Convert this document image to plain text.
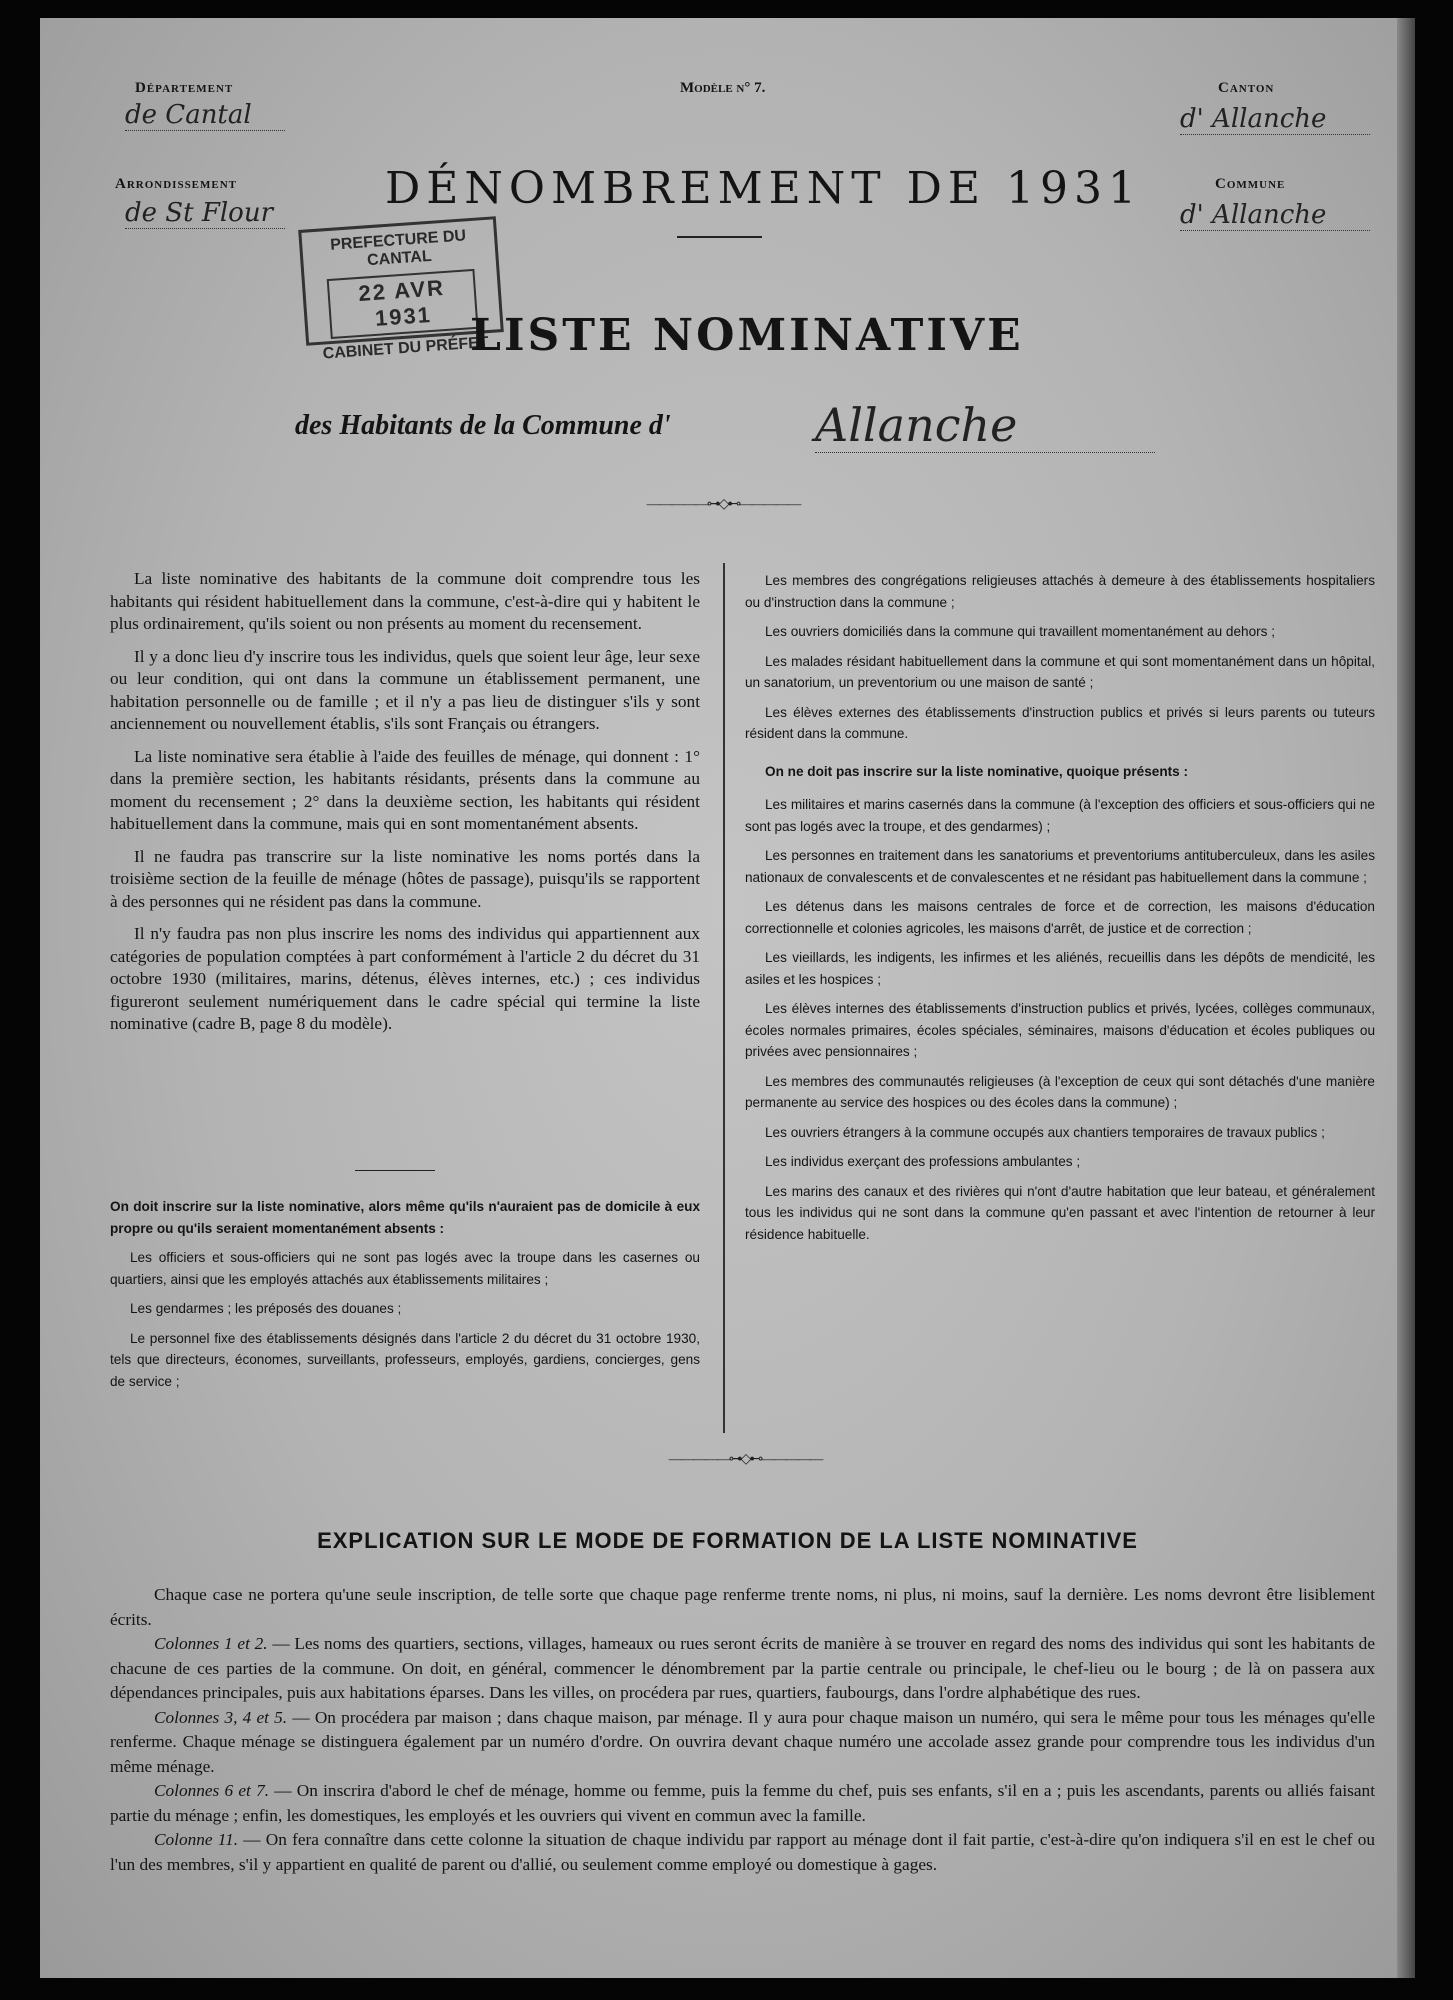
Département
de Cantal
Arrondissement
de St Flour
Modèle n° 7.	Canton
d' Allanche
Commune
d' Allanche
DÉNOMBREMENT DE 1931
PREFECTURE DU CANTAL
22 AVR 1931
CABINET DU PRÉFET
LISTE NOMINATIVE
des Habitants de la Commune d'	Allanche
—————⊶◇⊷—————

La liste nominative des habitants de la commune doit comprendre tous les habitants qui résident habituellement dans la commune, c'est-à-dire qui y habitent le plus ordinairement, qu'ils soient ou non présents au moment du recensement.

Il y a donc lieu d'y inscrire tous les individus, quels que soient leur âge, leur sexe ou leur condition, qui ont dans la commune un établissement permanent, une habitation personnelle ou de famille ; et il n'y a pas lieu de distinguer s'ils y sont anciennement ou nouvellement établis, s'ils sont Français ou étrangers.

La liste nominative sera établie à l'aide des feuilles de ménage, qui donnent : 1° dans la première section, les habitants résidants, présents dans la commune au moment du recensement ; 2° dans la deuxième section, les habitants qui résident habituellement dans la commune, mais qui en sont momentanément absents.

Il ne faudra pas transcrire sur la liste nominative les noms portés dans la troisième section de la feuille de ménage (hôtes de passage), puisqu'ils se rapportent à des personnes qui ne résident pas dans la commune.

Il n'y faudra pas non plus inscrire les noms des individus qui appartiennent aux catégories de population comptées à part conformément à l'article 2 du décret du 31 octobre 1930 (militaires, marins, détenus, élèves internes, etc.) ; ces individus figureront seulement numériquement dans le cadre spécial qui termine la liste nominative (cadre B, page 8 du modèle).

On doit inscrire sur la liste nominative, alors même qu'ils n'auraient pas de domicile à eux propre ou qu'ils seraient momentanément absents :

Les officiers et sous-officiers qui ne sont pas logés avec la troupe dans les casernes ou quartiers, ainsi que les employés attachés aux établissements militaires ;

Les gendarmes ; les préposés des douanes ;

Le personnel fixe des établissements désignés dans l'article 2 du décret du 31 octobre 1930, tels que directeurs, économes, surveillants, professeurs, employés, gardiens, concierges, gens de service ;

Les membres des congrégations religieuses attachés à demeure à des établissements hospitaliers ou d'instruction dans la commune ;

Les ouvriers domiciliés dans la commune qui travaillent momentanément au dehors ;

Les malades résidant habituellement dans la commune et qui sont momentanément dans un hôpital, un sanatorium, un preventorium ou une maison de santé ;

Les élèves externes des établissements d'instruction publics et privés si leurs parents ou tuteurs résident dans la commune.

On ne doit pas inscrire sur la liste nominative, quoique présents :

Les militaires et marins casernés dans la commune (à l'exception des officiers et sous-officiers qui ne sont pas logés avec la troupe, et des gendarmes) ;

Les personnes en traitement dans les sanatoriums et preventoriums antituberculeux, dans les asiles nationaux de convalescents et de convalescentes et ne résidant pas habituellement dans la commune ;

Les détenus dans les maisons centrales de force et de correction, les maisons d'éducation correctionnelle et colonies agricoles, les maisons d'arrêt, de justice et de correction ;

Les vieillards, les indigents, les infirmes et les aliénés, recueillis dans les dépôts de mendicité, les asiles et les hospices ;

Les élèves internes des établissements d'instruction publics et privés, lycées, collèges communaux, écoles normales primaires, écoles spéciales, séminaires, maisons d'éducation et écoles publiques ou privées avec pensionnaires ;

Les membres des communautés religieuses (à l'exception de ceux qui sont détachés d'une manière permanente au service des hospices ou des écoles dans la commune) ;

Les ouvriers étrangers à la commune occupés aux chantiers temporaires de travaux publics ;

Les individus exerçant des professions ambulantes ;

Les marins des canaux et des rivières qui n'ont d'autre habitation que leur bateau, et généralement tous les individus qui ne sont dans la commune qu'en passant et avec l'intention de retourner à leur résidence habituelle.

—————⊶◇⊷—————
EXPLICATION SUR LE MODE DE FORMATION DE LA LISTE NOMINATIVE

Chaque case ne portera qu'une seule inscription, de telle sorte que chaque page renferme trente noms, ni plus, ni moins, sauf la dernière. Les noms devront être lisiblement écrits.

Colonnes 1 et 2. — Les noms des quartiers, sections, villages, hameaux ou rues seront écrits de manière à se trouver en regard des noms des individus qui sont les habitants de chacune de ces parties de la commune. On doit, en général, commencer le dénombrement par la partie centrale ou principale, le chef-lieu ou le bourg ; de là on passera aux dépendances principales, puis aux habitations éparses. Dans les villes, on procédera par rues, quartiers, faubourgs, dans l'ordre alphabétique des rues.

Colonnes 3, 4 et 5. — On procédera par maison ; dans chaque maison, par ménage. Il y aura pour chaque maison un numéro, qui sera le même pour tous les ménages qu'elle renferme. Chaque ménage se distinguera également par un numéro d'ordre. On ouvrira devant chaque numéro une accolade assez grande pour comprendre tous les individus d'un même ménage.

Colonnes 6 et 7. — On inscrira d'abord le chef de ménage, homme ou femme, puis la femme du chef, puis ses enfants, s'il en a ; puis les ascendants, parents ou alliés faisant partie du ménage ; enfin, les domestiques, les employés et les ouvriers qui vivent en commun avec la famille.

Colonne 11. — On fera connaître dans cette colonne la situation de chaque individu par rapport au ménage dont il fait partie, c'est-à-dire qu'on indiquera s'il en est le chef ou l'un des membres, s'il y appartient en qualité de parent ou d'allié, ou seulement comme employé ou domestique à gages.
